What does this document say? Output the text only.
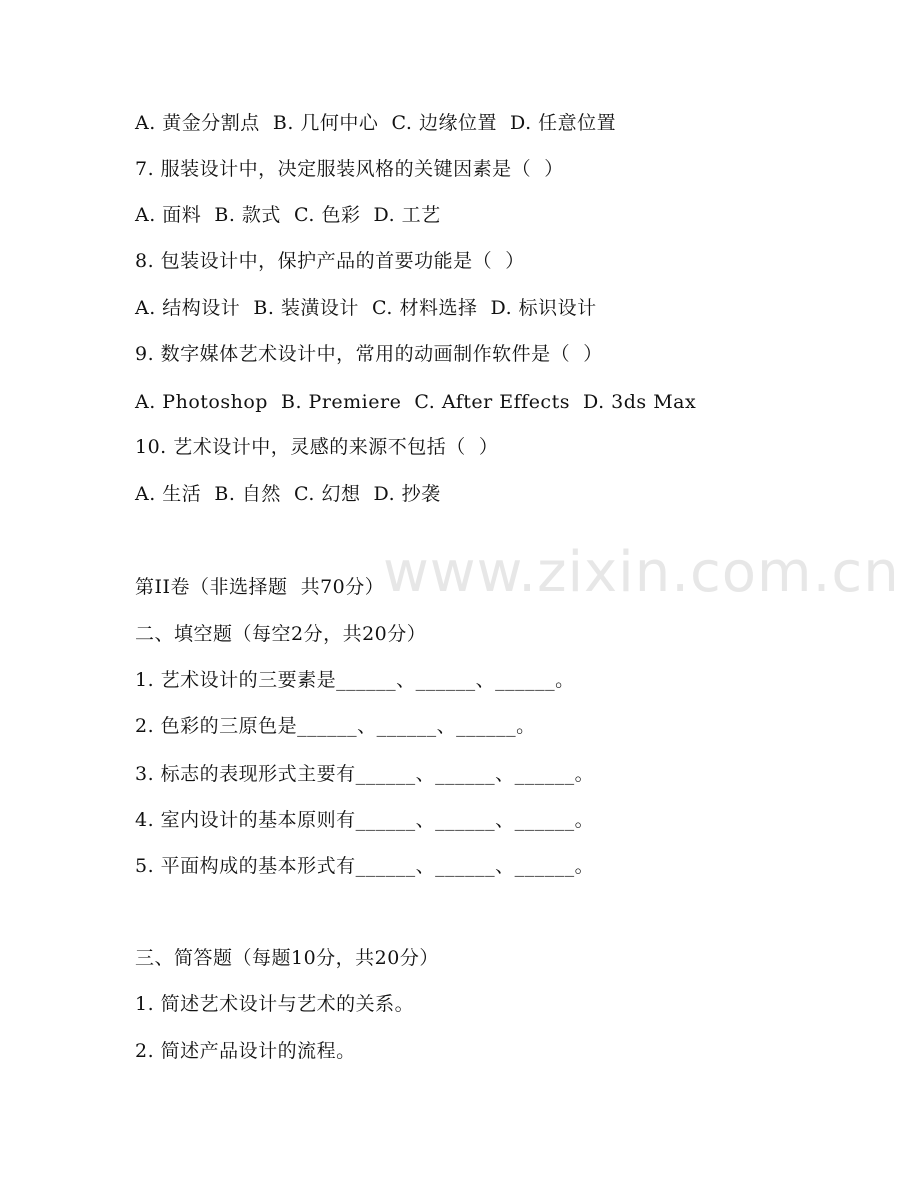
A. 黄金分割点  B. 几何中心  C. 边缘位置  D. 任意位置
7. 服装设计中，决定服装风格的关键因素是（  ）
A. 面料  B. 款式  C. 色彩  D. 工艺
8. 包装设计中，保护产品的首要功能是（  ）
A. 结构设计  B. 装潢设计  C. 材料选择  D. 标识设计
9. 数字媒体艺术设计中，常用的动画制作软件是（  ）
A. Photoshop  B. Premiere  C. After Effects  D. 3ds Max
10. 艺术设计中，灵感的来源不包括（  ）
A. 生活  B. 自然  C. 幻想  D. 抄袭
第II卷（非选择题  共70分）
二、填空题（每空2分，共20分）
1. 艺术设计的三要素是______、______、______。
2. 色彩的三原色是______、______、______。
3. 标志的表现形式主要有______、______、______。
4. 室内设计的基本原则有______、______、______。
5. 平面构成的基本形式有______、______、______。
三、简答题（每题10分，共20分）
1. 简述艺术设计与艺术的关系。
2. 简述产品设计的流程。
www.zixin.com.cn
